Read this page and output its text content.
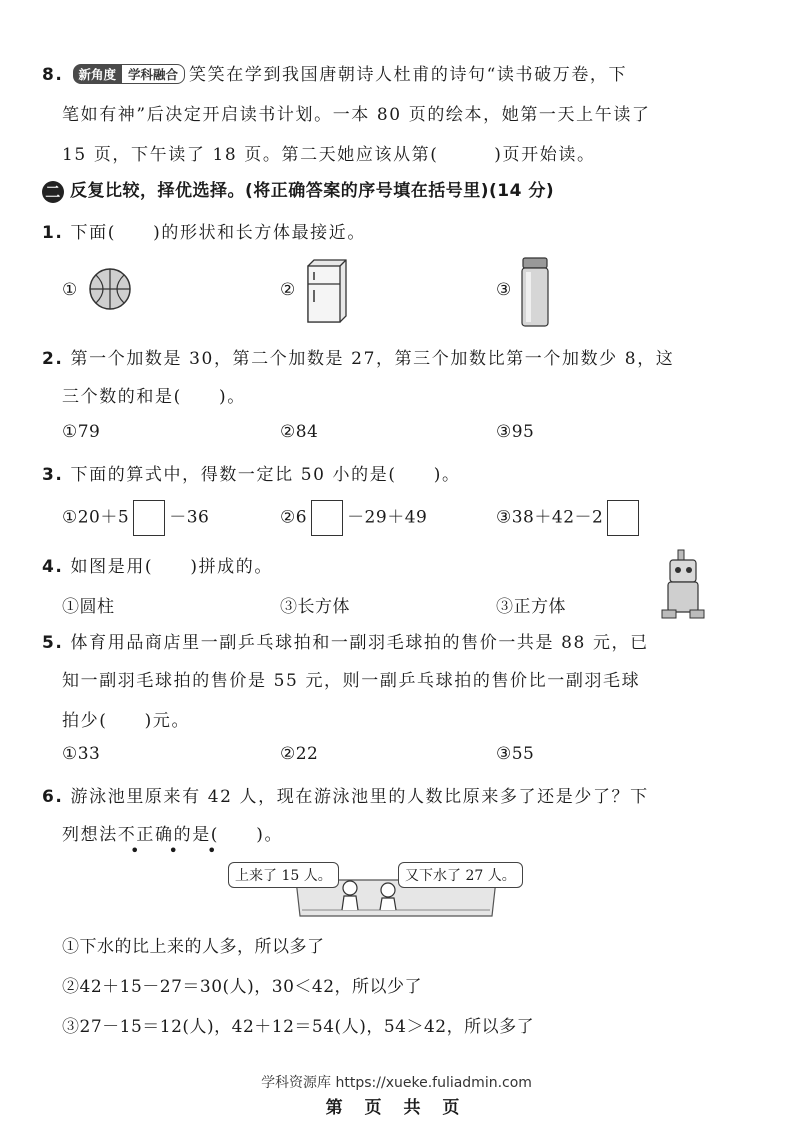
8. 新角度 学科融合 笑笑在学到我国唐朝诗人杜甫的诗句“读书破万卷，下
笔如有神”后决定开启读书计划。一本 80 页的绘本，她第一天上午读了
15 页，下午读了 18 页。第二天她应该从第(　　　)页开始读。
二 反复比较，择优选择。(将正确答案的序号填在括号里)(14 分)
1. 下面(　　)的形状和长方体最接近。
①	②	③
2. 第一个加数是 30，第二个加数是 27，第三个加数比第一个加数少 8，这
三个数的和是(　　)。
①79	②84	③95
3. 下面的算式中，得数一定比 50 小的是(　　)。
①20＋5 －36	②6 －29＋49	③38＋42－2
4. 如图是用(　　)拼成的。
①圆柱	③长方体	③正方体
5. 体育用品商店里一副乒乓球拍和一副羽毛球拍的售价一共是 88 元，已
知一副羽毛球拍的售价是 55 元，则一副乒乓球拍的售价比一副羽毛球
拍少(　　)元。
①33	②22	③55
6. 游泳池里原来有 42 人，现在游泳池里的人数比原来多了还是少了？下
列想法不正确的是(　　)。
• • •
上来了 15 人。	又下水了 27 人。
①下水的比上来的人多，所以多了
②42＋15－27＝30(人)，30＜42，所以少了
③27－15＝12(人)，42＋12＝54(人)，54＞42，所以多了
学科资源库 https://xueke.fuliadmin.com
第 页 共 页
